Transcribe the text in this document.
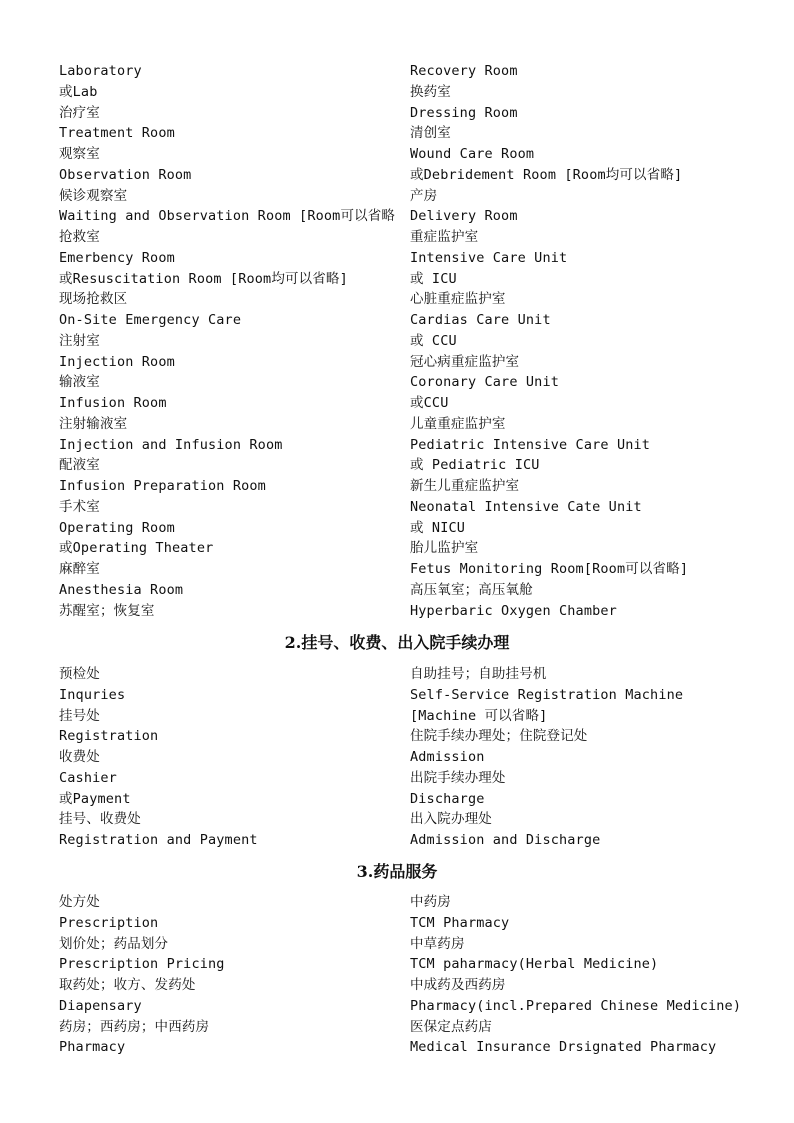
Laboratory
或Lab
治疗室
Treatment Room
观察室
Observation Room
候诊观察室
Waiting and Observation Room [Room可以省略
抢救室
Emerbency Room
或Resuscitation Room [Room均可以省略]
现场抢救区
On-Site Emergency Care
注射室
Injection Room
输液室
Infusion Room
注射输液室
Injection and Infusion Room
配液室
Infusion Preparation Room
手术室
Operating Room
或Operating Theater
麻醉室
Anesthesia Room
苏醒室；恢复室
Recovery Room
换药室
Dressing Room
清创室
Wound Care Room
或Debridement Room [Room均可以省略]
产房
Delivery Room
重症监护室
Intensive Care Unit
或 ICU
心脏重症监护室
Cardias Care Unit
或 CCU
冠心病重症监护室
Coronary Care Unit
或CCU
儿童重症监护室
Pediatric Intensive Care Unit
或 Pediatric ICU
新生儿重症监护室
Neonatal Intensive Cate Unit
或 NICU
胎儿监护室
Fetus Monitoring Room[Room可以省略]
高压氧室；高压氧舱
Hyperbaric Oxygen Chamber
2.挂号、收费、出入院手续办理
预检处
Inquries
挂号处
Registration
收费处
Cashier
或Payment
挂号、收费处
Registration and Payment
自助挂号；自助挂号机
Self-Service Registration Machine
[Machine 可以省略]
住院手续办理处；住院登记处
Admission
出院手续办理处
Discharge
出入院办理处
Admission and Discharge
3.药品服务
处方处
Prescription
划价处；药品划分
Prescription Pricing
取药处；收方、发药处
Diapensary
药房；西药房；中西药房
Pharmacy
中药房
TCM Pharmacy
中草药房
TCM paharmacy(Herbal Medicine)
中成药及西药房
Pharmacy(incl.Prepared Chinese Medicine)
医保定点药店
Medical Insurance Drsignated Pharmacy
